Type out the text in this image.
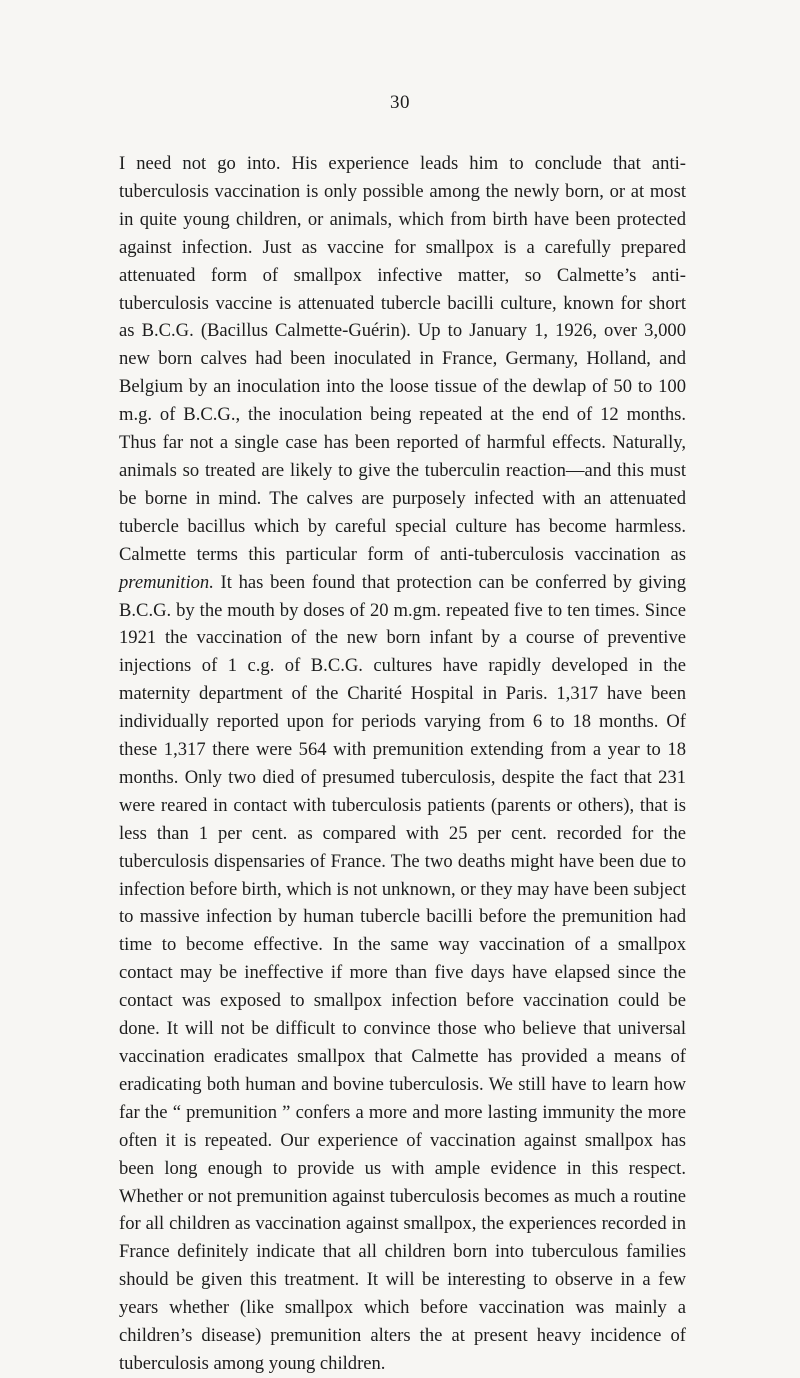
30

I need not go into. His experience leads him to conclude that anti-tuberculosis vaccination is only possible among the newly born, or at most in quite young children, or animals, which from birth have been protected against infection. Just as vaccine for smallpox is a carefully prepared attenuated form of smallpox infective matter, so Calmette’s anti-tuberculosis vaccine is attenuated tubercle bacilli culture, known for short as B.C.G. (Bacillus Calmette-Guérin). Up to January 1, 1926, over 3,000 new born calves had been inoculated in France, Germany, Holland, and Belgium by an inoculation into the loose tissue of the dewlap of 50 to 100 m.g. of B.C.G., the inoculation being repeated at the end of 12 months. Thus far not a single case has been reported of harmful effects. Naturally, animals so treated are likely to give the tuberculin reaction—and this must be borne in mind. The calves are purposely infected with an attenuated tubercle bacillus which by careful special culture has become harmless. Calmette terms this particular form of anti-tuberculosis vaccination as premunition. It has been found that protection can be conferred by giving B.C.G. by the mouth by doses of 20 m.gm. repeated five to ten times. Since 1921 the vaccination of the new born infant by a course of preventive injections of 1 c.g. of B.C.G. cultures have rapidly developed in the maternity department of the Charité Hospital in Paris. 1,317 have been individually reported upon for periods varying from 6 to 18 months. Of these 1,317 there were 564 with premunition extending from a year to 18 months. Only two died of presumed tuberculosis, despite the fact that 231 were reared in contact with tuberculosis patients (parents or others), that is less than 1 per cent. as compared with 25 per cent. recorded for the tuberculosis dispensaries of France. The two deaths might have been due to infection before birth, which is not unknown, or they may have been subject to massive infection by human tubercle bacilli before the premunition had time to become effective. In the same way vaccination of a smallpox contact may be ineffective if more than five days have elapsed since the contact was exposed to smallpox infection before vaccination could be done. It will not be difficult to convince those who believe that universal vaccination eradicates smallpox that Calmette has provided a means of eradicating both human and bovine tuberculosis. We still have to learn how far the “ premunition ” confers a more and more lasting immunity the more often it is repeated. Our experience of vaccination against smallpox has been long enough to provide us with ample evidence in this respect. Whether or not premunition against tuberculosis becomes as much a routine for all children as vaccination against smallpox, the experiences recorded in France definitely indicate that all children born into tuberculous families should be given this treatment. It will be interesting to observe in a few years whether (like smallpox which before vaccination was mainly a children’s disease) premunition alters the at present heavy incidence of tuberculosis among young children.
